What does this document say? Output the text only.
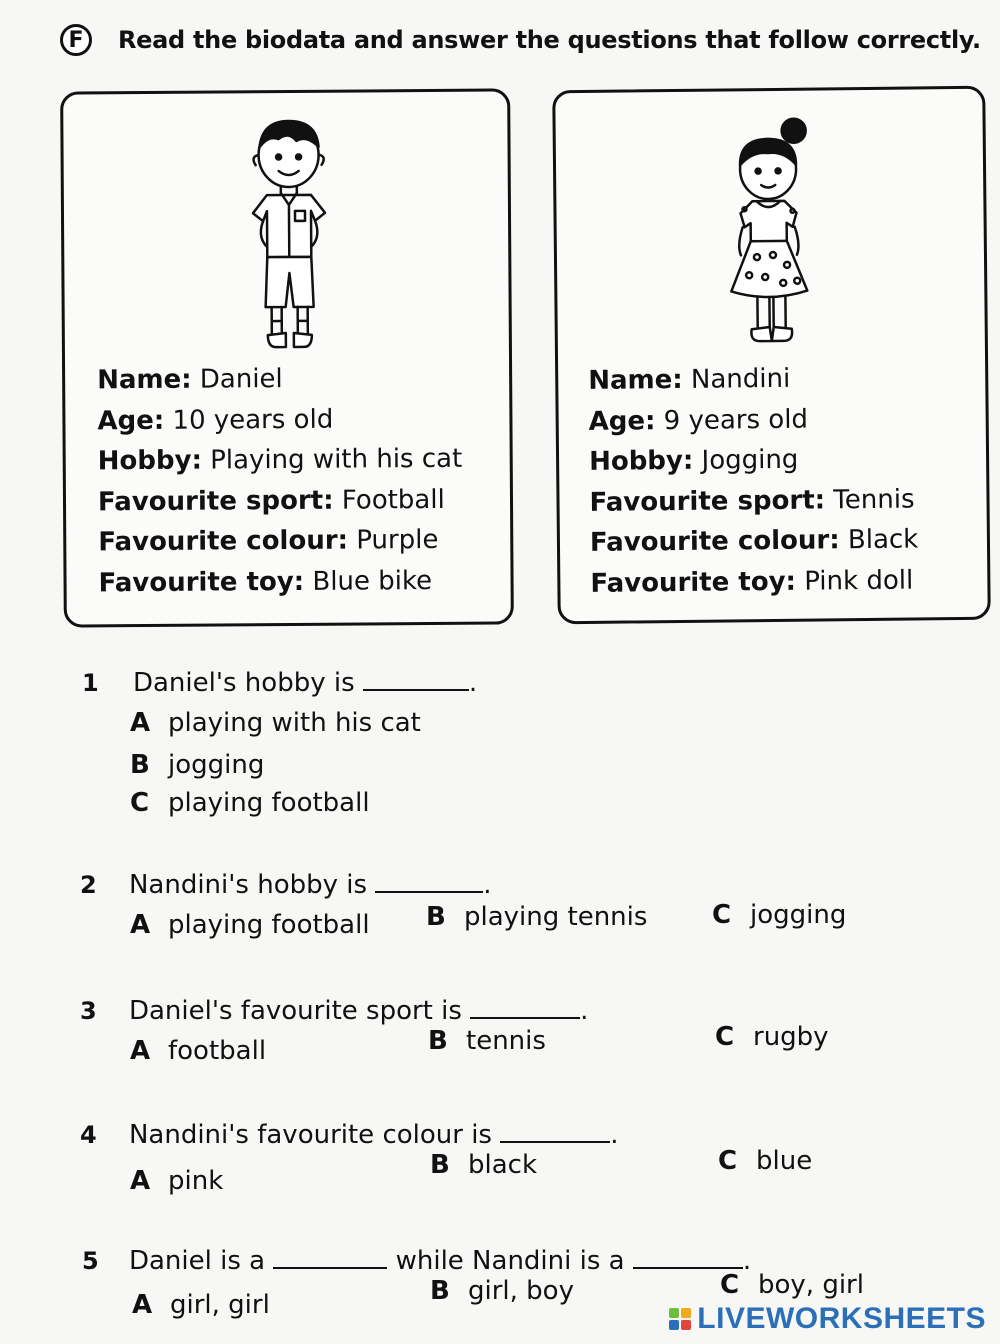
F Read the biodata and answer the questions that follow correctly.
Name: Daniel
Age: 10 years old
Hobby: Playing with his cat
Favourite sport: Football
Favourite colour: Purple
Favourite toy: Blue bike
Name: Nandini
Age: 9 years old
Hobby: Jogging
Favourite sport: Tennis
Favourite colour: Black
Favourite toy: Pink doll
1 Daniel's hobby is	.
A playing with his cat
B jogging
C playing football
2 Nandini's hobby is	.
A playing football B playing tennis C jogging
3 Daniel's favourite sport is	.
A football	B tennis	C rugby
4 Nandini's favourite colour is	.
A pink
B black	C blue
5 Daniel is a	while Nandini is a	.
A girl, girl	B girl, boy	C boy, girl
LIVEWORKSHEETS
